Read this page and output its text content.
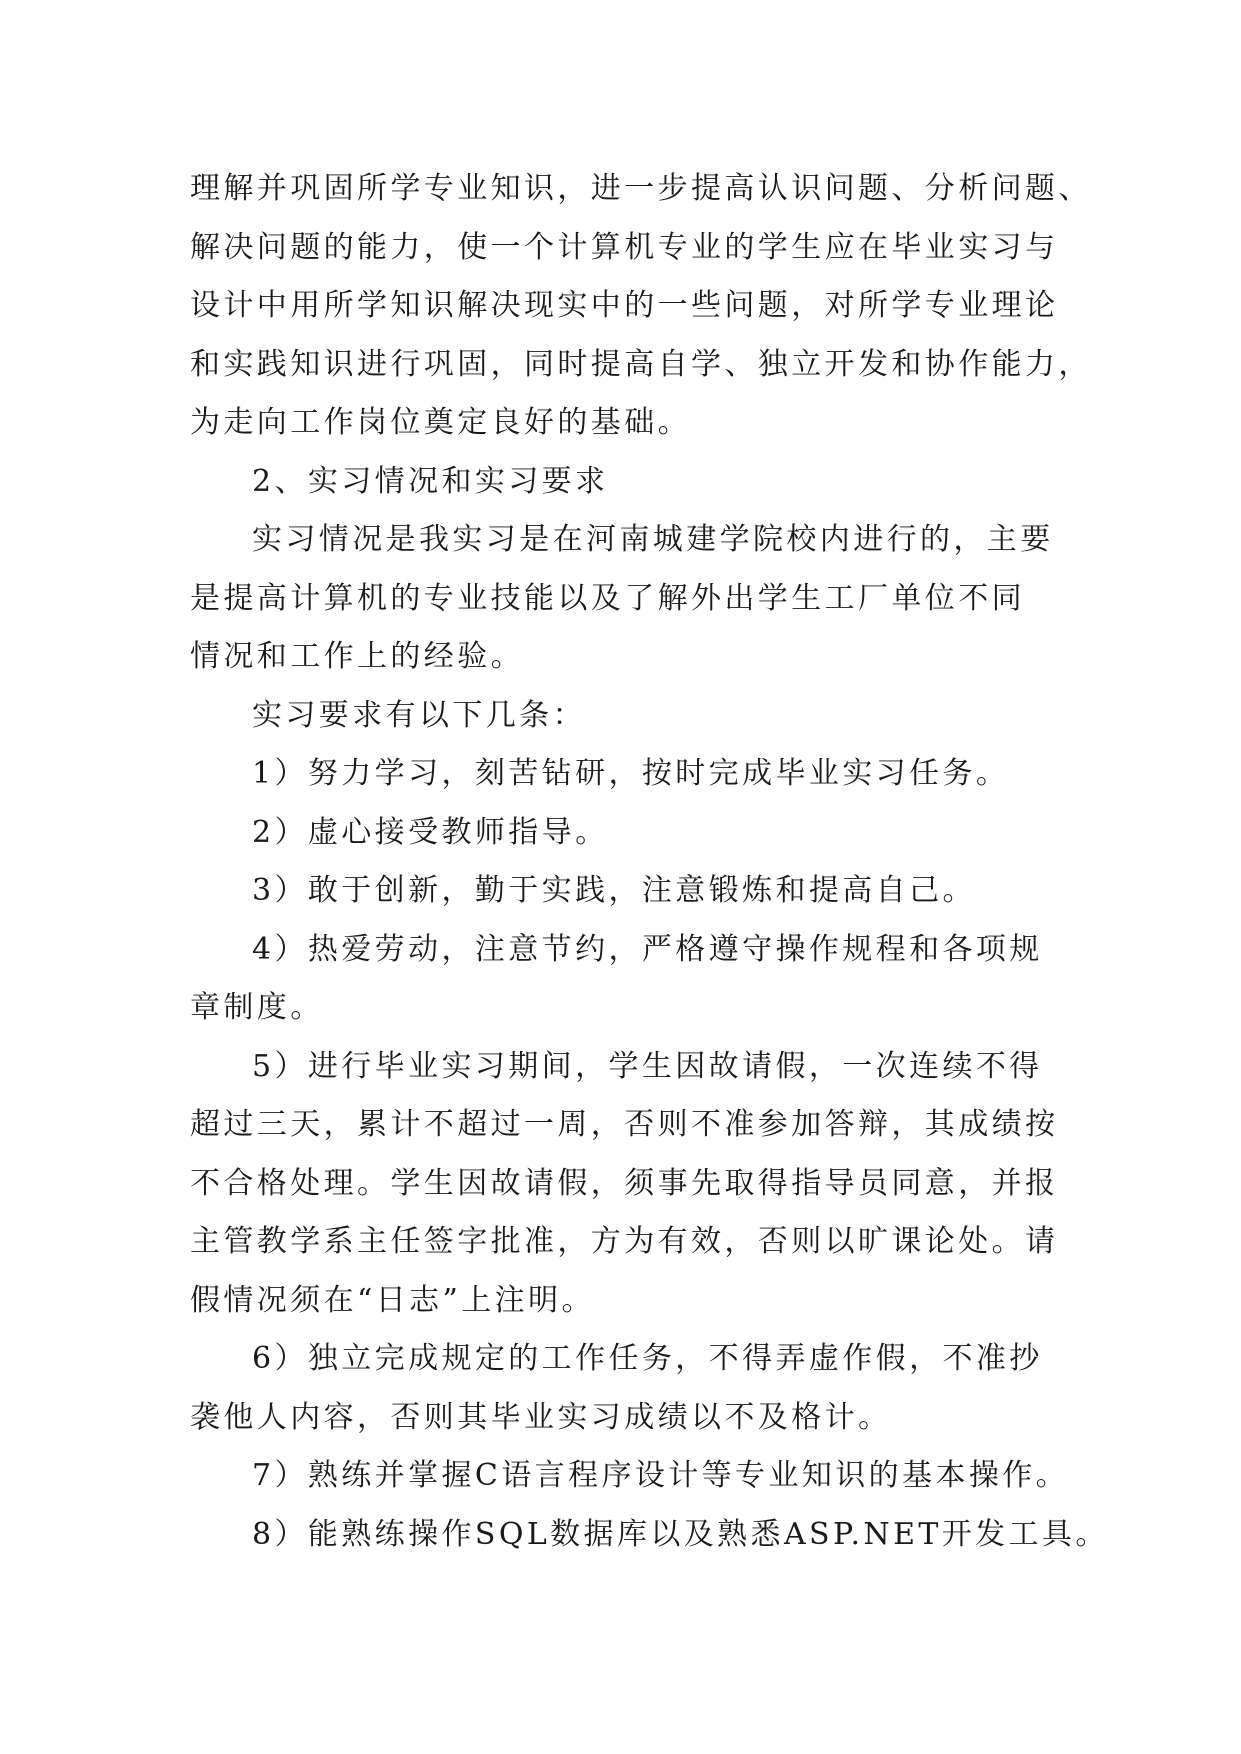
理解并巩固所学专业知识，进一步提高认识问题、分析问题、
解决问题的能力，使一个计算机专业的学生应在毕业实习与
设计中用所学知识解决现实中的一些问题，对所学专业理论
和实践知识进行巩固，同时提高自学、独立开发和协作能力，
为走向工作岗位奠定良好的基础。
2、实习情况和实习要求
实习情况是我实习是在河南城建学院校内进行的，主要
是提高计算机的专业技能以及了解外出学生工厂单位不同
情况和工作上的经验。
实习要求有以下几条：
1）努力学习，刻苦钻研，按时完成毕业实习任务。
2）虚心接受教师指导。
3）敢于创新，勤于实践，注意锻炼和提高自己。
4）热爱劳动，注意节约，严格遵守操作规程和各项规
章制度。
5）进行毕业实习期间，学生因故请假，一次连续不得
超过三天，累计不超过一周，否则不准参加答辩，其成绩按
不合格处理。学生因故请假，须事先取得指导员同意，并报
主管教学系主任签字批准，方为有效，否则以旷课论处。请
假情况须在“日志”上注明。
6）独立完成规定的工作任务，不得弄虚作假，不准抄
袭他人内容，否则其毕业实习成绩以不及格计。
7）熟练并掌握C语言程序设计等专业知识的基本操作。
8）能熟练操作SQL数据库以及熟悉ASP.NET开发工具。
